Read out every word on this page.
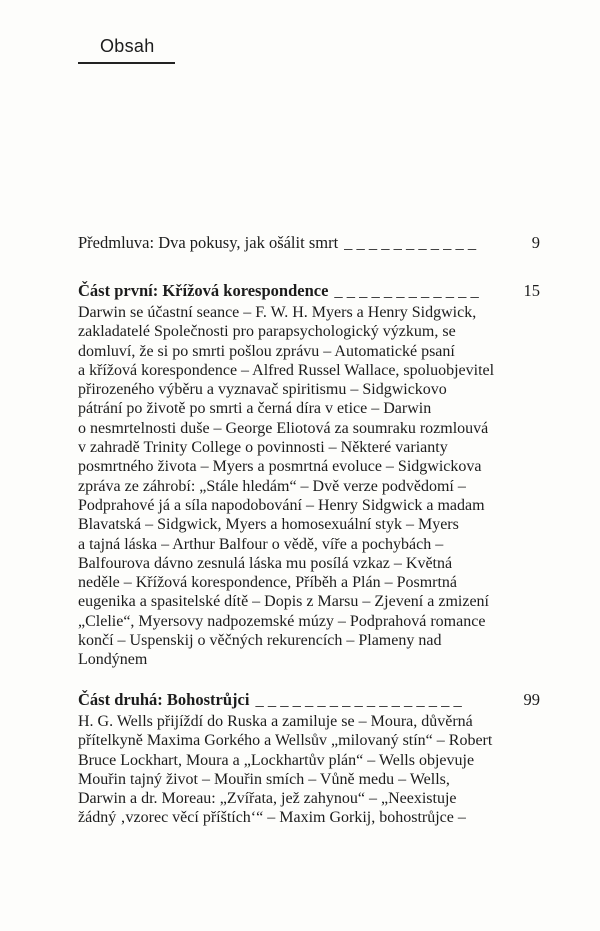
Obsah
Předmluva: Dva pokusy, jak ošálit smrt _ _ _ _ _ _ _ _ _ _ _	9
Část první: Křížová korespondence _ _ _ _ _ _ _ _ _ _ _ _	15
Darwin se účastní seance – F. W. H. Myers a Henry Sidgwick,
zakladatelé Společnosti pro parapsychologický výzkum, se
domluví, že si po smrti pošlou zprávu – Automatické psaní
a křížová korespondence – Alfred Russel Wallace, spoluobjevitel
přirozeného výběru a vyznavač spiritismu – Sidgwickovo
pátrání po životě po smrti a černá díra v etice – Darwin
o nesmrtelnosti duše – George Eliotová za soumraku rozmlouvá
v zahradě Trinity College o povinnosti – Některé varianty
posmrtného života – Myers a posmrtná evoluce – Sidgwickova
zpráva ze záhrobí: „Stále hledám“ – Dvě verze podvědomí –
Podprahové já a síla napodobování – Henry Sidgwick a madam
Blavatská – Sidgwick, Myers a homosexuální styk – Myers
a tajná láska – Arthur Balfour o vědě, víře a pochybách –
Balfourova dávno zesnulá láska mu posílá vzkaz – Květná
neděle – Křížová korespondence, Příběh a Plán – Posmrtná
eugenika a spasitelské dítě – Dopis z Marsu – Zjevení a zmizení
„Clelie“, Myersovy nadpozemské múzy – Podprahová romance
končí – Uspenskij o věčných rekurencích – Plameny nad
Londýnem
Část druhá: Bohostrůjci _ _ _ _ _ _ _ _ _ _ _ _ _ _ _ _ _	99
H. G. Wells přijíždí do Ruska a zamiluje se – Moura, důvěrná
přítelkyně Maxima Gorkého a Wellsův „milovaný stín“ – Robert
Bruce Lockhart, Moura a „Lockhartův plán“ – Wells objevuje
Mouřin tajný život – Mouřin smích – Vůně medu – Wells,
Darwin a dr. Moreau: „Zvířata, jež zahynou“ – „Neexistuje
žádný ‚vzorec věcí příštích‘“ – Maxim Gorkij, bohostrůjce –
